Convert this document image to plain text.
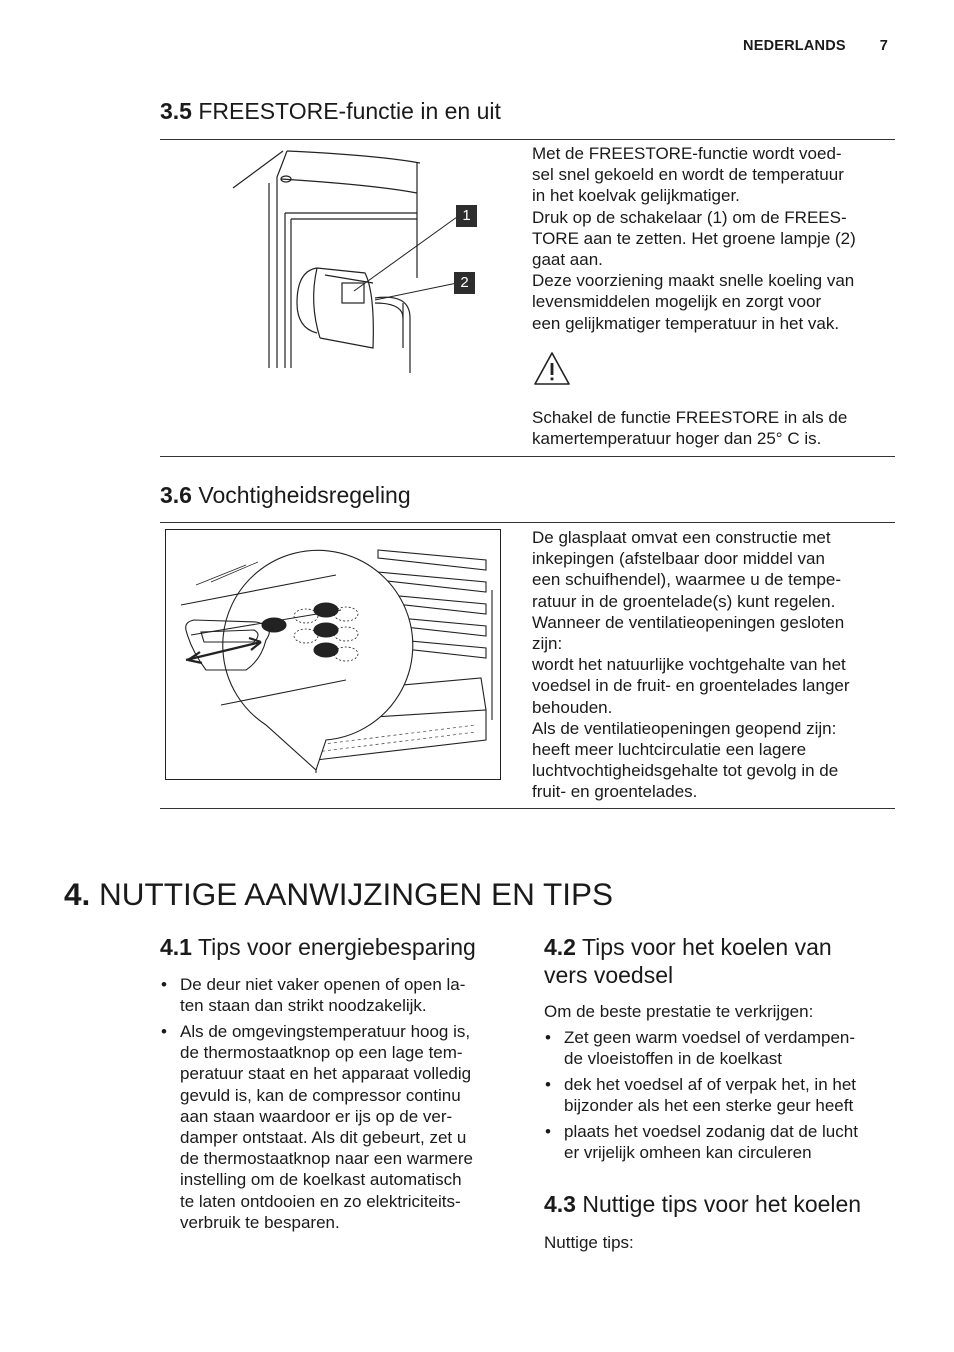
NEDERLANDS 7
3.5 FREESTORE-functie in en uit
1
2

Met de FREESTORE-functie wordt voed-
sel snel gekoeld en wordt de temperatuur
in het koelvak gelijkmatiger.

Druk op de schakelaar (1) om de FREES-
TORE aan te zetten. Het groene lampje (2)
gaat aan.

Deze voorziening maakt snelle koeling van
levensmiddelen mogelijk en zorgt voor
een gelijkmatiger temperatuur in het vak.

Schakel de functie FREESTORE in als de
kamertemperatuur hoger dan 25° C is.

3.6 Vochtigheidsregeling

De glasplaat omvat een constructie met
inkepingen (afstelbaar door middel van
een schuifhendel), waarmee u de tempe-
ratuur in de groentelade(s) kunt regelen.
Wanneer de ventilatieopeningen gesloten
zijn:
wordt het natuurlijke vochtgehalte van het
voedsel in de fruit- en groentelades langer
behouden.
Als de ventilatieopeningen geopend zijn:
heeft meer luchtcirculatie een lagere
luchtvochtigheidsgehalte tot gevolg in de
fruit- en groentelades.

4. NUTTIGE AANWIJZINGEN EN TIPS
4.1 Tips voor energiebesparing
• De deur niet vaker openen of open la-
ten staan dan strikt noodzakelijk.
• Als de omgevingstemperatuur hoog is,
de thermostaatknop op een lage tem-
peratuur staat en het apparaat volledig
gevuld is, kan de compressor continu
aan staan waardoor er ijs op de ver-
damper ontstaat. Als dit gebeurt, zet u
de thermostaatknop naar een warmere
instelling om de koelkast automatisch
te laten ontdooien en zo elektriciteits-
verbruik te besparen.
4.2 Tips voor het koelen van
vers voedsel
Om de beste prestatie te verkrijgen:
• Zet geen warm voedsel of verdampen-
de vloeistoffen in de koelkast
• dek het voedsel af of verpak het, in het
bijzonder als het een sterke geur heeft
• plaats het voedsel zodanig dat de lucht
er vrijelijk omheen kan circuleren
4.3 Nuttige tips voor het koelen
Nuttige tips:
